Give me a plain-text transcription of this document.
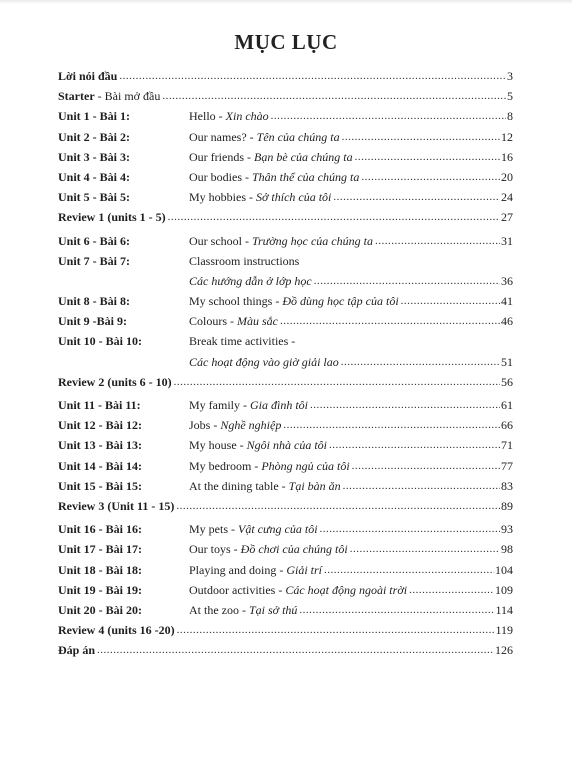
MỤC LỤC
Lời nói đầu .....	3
Starter - Bài mở đầu .....	5
Unit 1 - Bài 1:	Hello - Xin chào .....	8
Unit 2 - Bài 2:	Our names? - Tên của chúng ta .....	12
Unit 3 - Bài 3:	Our friends - Bạn bè của chúng ta .....	16
Unit 4 - Bài 4:	Our bodies - Thân thể của chúng ta .....	20
Unit 5 - Bài 5:	My hobbies - Sở thích của tôi .....	24
Review 1 (units 1 - 5) .....	27
Unit 6 - Bài 6:	Our school - Trường học của chúng ta .....	31
Unit 7 - Bài 7:	Classroom instructions
Các hướng dẫn ở lớp học .....	36
Unit 8 - Bài 8:	My school things - Đồ dùng học tập của tôi .....	41
Unit 9 -Bài 9:	Colours - Màu sắc .....	46
Unit 10 - Bài 10:	Break time activities -
Các hoạt động vào giờ giải lao .....	51
Review 2 (units 6 - 10) .....	56
Unit 11 - Bài 11:	My family - Gia đình tôi .....	61
Unit 12 - Bài 12:	Jobs - Nghề nghiệp .....	66
Unit 13 - Bài 13:	My house - Ngôi nhà của tôi .....	71
Unit 14 - Bài 14:	My bedroom - Phòng ngủ của tôi .....	77
Unit 15 - Bài 15:	At the dining table - Tại bàn ăn .....	83
Review 3 (Unit 11 - 15) .....	89
Unit 16 - Bài 16:	My pets - Vật cưng của tôi .....	93
Unit 17 - Bài 17:	Our toys - Đồ chơi của chúng tôi .....	98
Unit 18 - Bài 18:	Playing and doing - Giải trí .....	104
Unit 19 - Bài 19:	Outdoor activities - Các hoạt động ngoài trời .....	109
Unit 20 - Bài 20:	At the zoo - Tại sở thú .....	114
Review 4 (units 16 -20) .....	119
Đáp án .....	126
